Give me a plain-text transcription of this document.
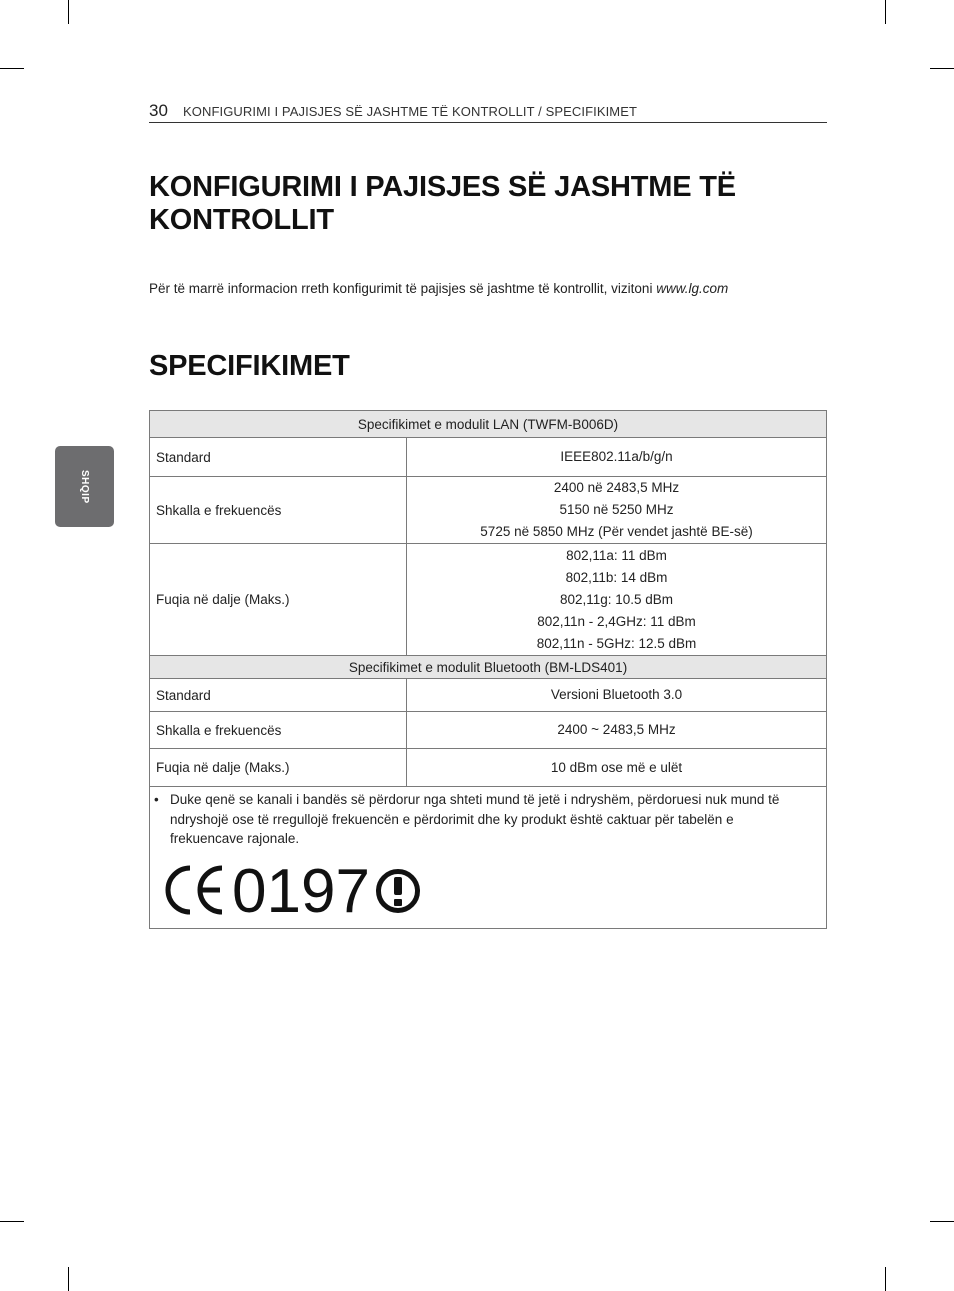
30 KONFIGURIMI I PAJISJES SË JASHTME TË KONTROLLIT / SPECIFIKIMET
SHQIP
KONFIGURIMI I PAJISJES SË JASHTME TË KONTROLLIT
Për të marrë informacion rreth konfigurimit të pajisjes së jashtme të kontrollit, vizitoni www.lg.com
SPECIFIKIMET
Specifikimet e modulit LAN (TWFM-B006D)	
Standard	IEEE802.11a/b/g/n

Shkalla e frekuencës	2400 në 2483,5 MHz
5150 në 5250 MHz
5725 në 5850 MHz (Për vendet jashtë BE-së)

Fuqia në dalje (Maks.)	802,11a: 11 dBm
802,11b: 14 dBm
802,11g: 10.5 dBm
802,11n - 2,4GHz: 11 dBm
802,11n - 5GHz: 12.5 dBm

Specifikimet e modulit Bluetooth (BM-LDS401)	
Standard	Versioni Bluetooth 3.0

Shkalla e frekuencës	2400 ~ 2483,5 MHz

Fuqia në dalje (Maks.)	10 dBm ose më e ulët
• Duke qenë se kanali i bandës së përdorur nga shteti mund të jetë i ndryshëm, përdoruesi nuk mund të ndryshojë ose të rregullojë frekuencën e përdorimit dhe ky produkt është caktuar për tabelën e frekuencave rajonale.
0197
